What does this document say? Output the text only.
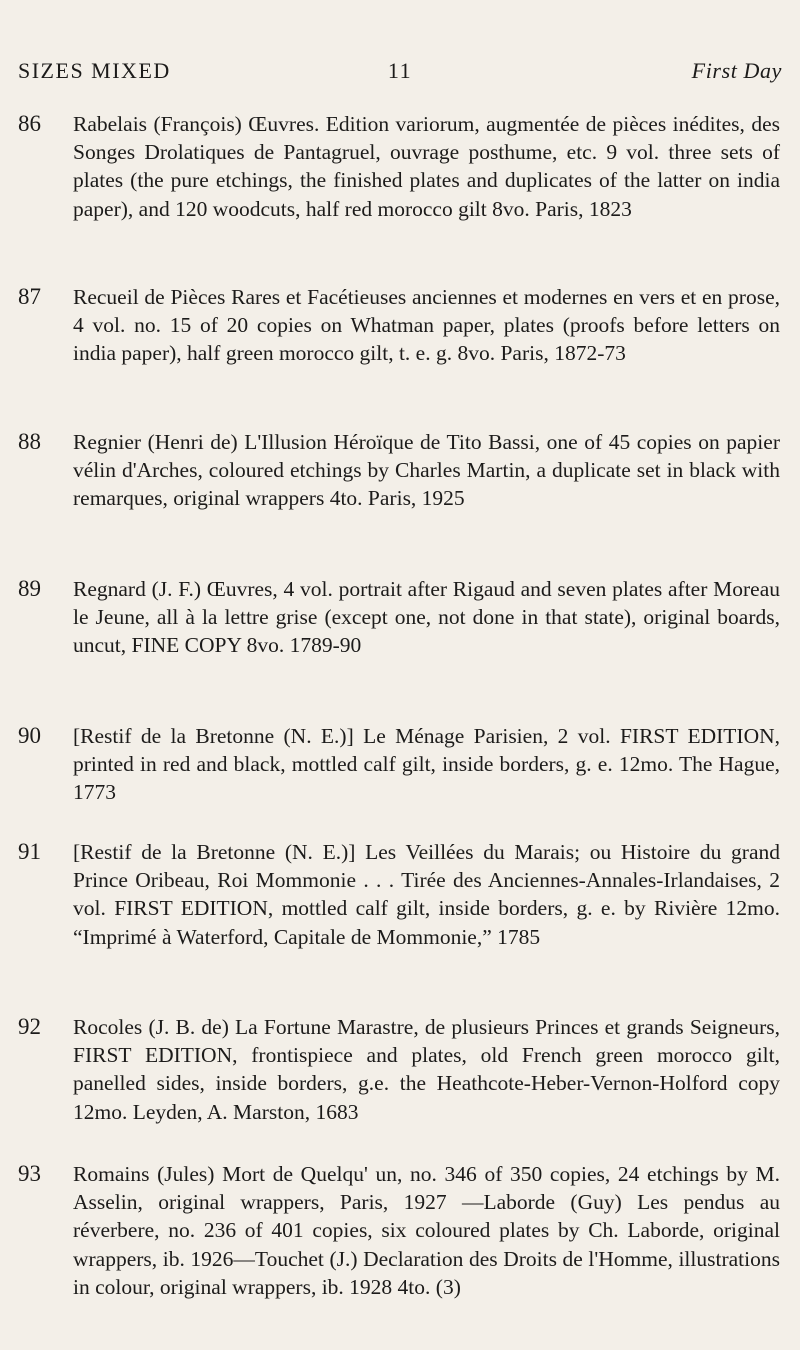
SIZES MIXED	11	First Day
86 Rabelais (François) Œuvres. Edition variorum, augmentée de pièces inédites, des Songes Drolatiques de Pantagruel, ouvrage posthume, etc. 9 vol. three sets of plates (the pure etchings, the finished plates and duplicates of the latter on india paper), and 120 woodcuts, half red morocco gilt 8vo. Paris, 1823

87 Recueil de Pièces Rares et Facétieuses anciennes et modernes en vers et en prose, 4 vol. no. 15 of 20 copies on Whatman paper, plates (proofs before letters on india paper), half green morocco gilt, t. e. g. 8vo. Paris, 1872-73

88 Regnier (Henri de) L'Illusion Héroïque de Tito Bassi, one of 45 copies on papier vélin d'Arches, coloured etchings by Charles Martin, a duplicate set in black with remarques, original wrappers 4to. Paris, 1925

89 Regnard (J. F.) Œuvres, 4 vol. portrait after Rigaud and seven plates after Moreau le Jeune, all à la lettre grise (except one, not done in that state), original boards, uncut, FINE COPY 8vo. 1789-90

90 [Restif de la Bretonne (N. E.)] Le Ménage Parisien, 2 vol. FIRST EDITION, printed in red and black, mottled calf gilt, inside borders, g. e. 12mo. The Hague, 1773

91 [Restif de la Bretonne (N. E.)] Les Veillées du Marais; ou Histoire du grand Prince Oribeau, Roi Mommonie . . . Tirée des Anciennes-Annales-Irlandaises, 2 vol. FIRST EDITION, mottled calf gilt, inside borders, g. e. by Rivière 12mo. “Imprimé à Waterford, Capitale de Mommonie,” 1785

92 Rocoles (J. B. de) La Fortune Marastre, de plusieurs Princes et grands Seigneurs, FIRST EDITION, frontispiece and plates, old French green morocco gilt, panelled sides, inside borders, g.e. the Heathcote-Heber-Vernon-Holford copy 12mo. Leyden, A. Marston, 1683

93 Romains (Jules) Mort de Quelqu' un, no. 346 of 350 copies, 24 etchings by M. Asselin, original wrappers, Paris, 1927 —Laborde (Guy) Les pendus au réverbere, no. 236 of 401 copies, six coloured plates by Ch. Laborde, original wrappers, ib. 1926—Touchet (J.) Declaration des Droits de l'Homme, illustrations in colour, original wrappers, ib. 1928 4to. (3)
